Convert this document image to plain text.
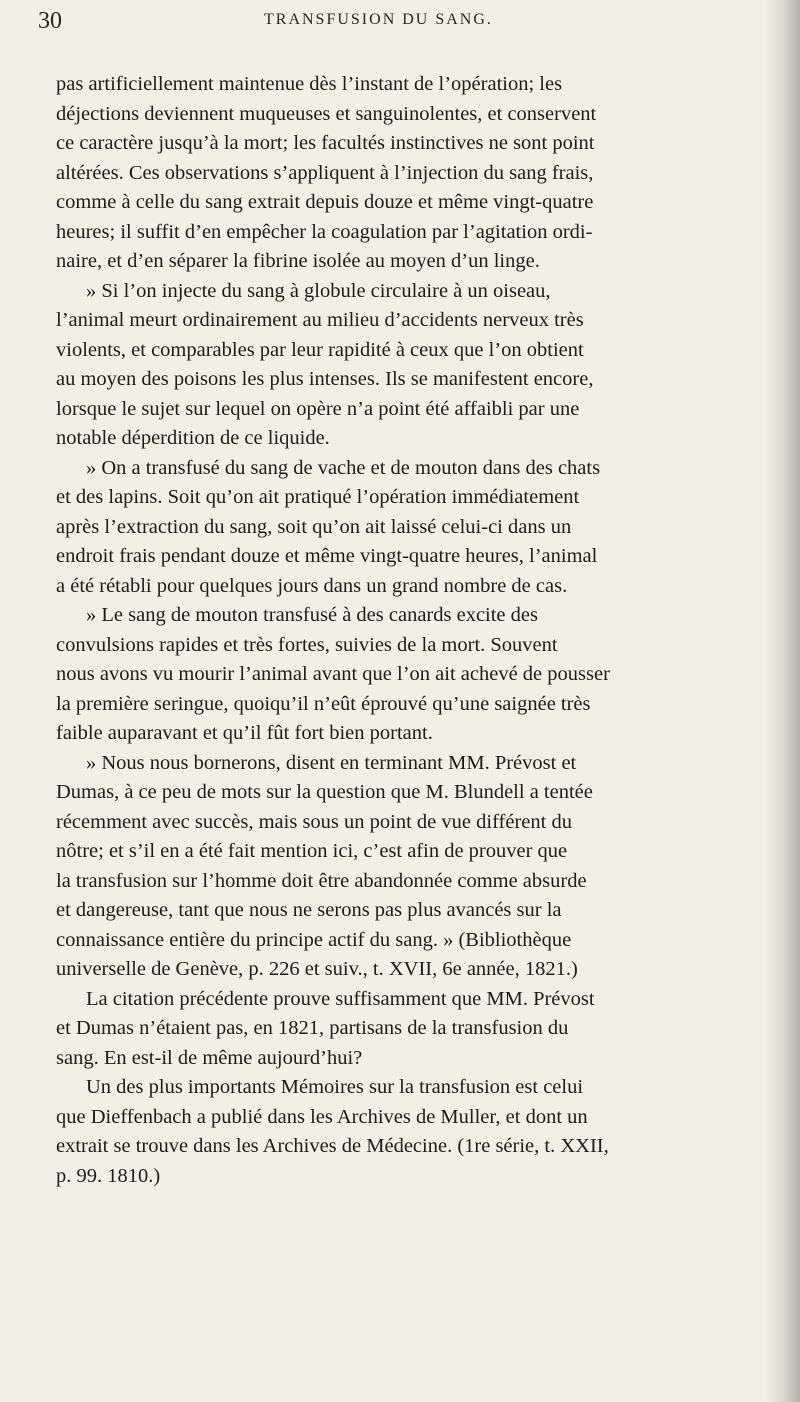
30	TRANSFUSION DU SANG.

pas artificiellement maintenue dès l’instant de l’opération; les

déjections deviennent muqueuses et sanguinolentes, et conservent

ce caractère jusqu’à la mort; les facultés instinctives ne sont point

altérées. Ces observations s’appliquent à l’injection du sang frais,

comme à celle du sang extrait depuis douze et même vingt-quatre

heures; il suffit d’en empêcher la coagulation par l’agitation ordi-

naire, et d’en séparer la fibrine isolée au moyen d’un linge.

» Si l’on injecte du sang à globule circulaire à un oiseau,

l’animal meurt ordinairement au milieu d’accidents nerveux très

violents, et comparables par leur rapidité à ceux que l’on obtient

au moyen des poisons les plus intenses. Ils se manifestent encore,

lorsque le sujet sur lequel on opère n’a point été affaibli par une

notable déperdition de ce liquide.

» On a transfusé du sang de vache et de mouton dans des chats

et des lapins. Soit qu’on ait pratiqué l’opération immédiatement

après l’extraction du sang, soit qu’on ait laissé celui-ci dans un

endroit frais pendant douze et même vingt-quatre heures, l’animal

a été rétabli pour quelques jours dans un grand nombre de cas.

» Le sang de mouton transfusé à des canards excite des

convulsions rapides et très fortes, suivies de la mort. Souvent

nous avons vu mourir l’animal avant que l’on ait achevé de pousser

la première seringue, quoiqu’il n’eût éprouvé qu’une saignée très

faible auparavant et qu’il fût fort bien portant.

» Nous nous bornerons, disent en terminant MM. Prévost et

Dumas, à ce peu de mots sur la question que M. Blundell a tentée

récemment avec succès, mais sous un point de vue différent du

nôtre; et s’il en a été fait mention ici, c’est afin de prouver que

la transfusion sur l’homme doit être abandonnée comme absurde

et dangereuse, tant que nous ne serons pas plus avancés sur la

connaissance entière du principe actif du sang. » (Bibliothèque

universelle de Genève, p. 226 et suiv., t. XVII, 6e année, 1821.)

La citation précédente prouve suffisamment que MM. Prévost

et Dumas n’étaient pas, en 1821, partisans de la transfusion du

sang. En est-il de même aujourd’hui?

Un des plus importants Mémoires sur la transfusion est celui

que Dieffenbach a publié dans les Archives de Muller, et dont un

extrait se trouve dans les Archives de Médecine. (1re série, t. XXII,

p. 99. 1810.)
